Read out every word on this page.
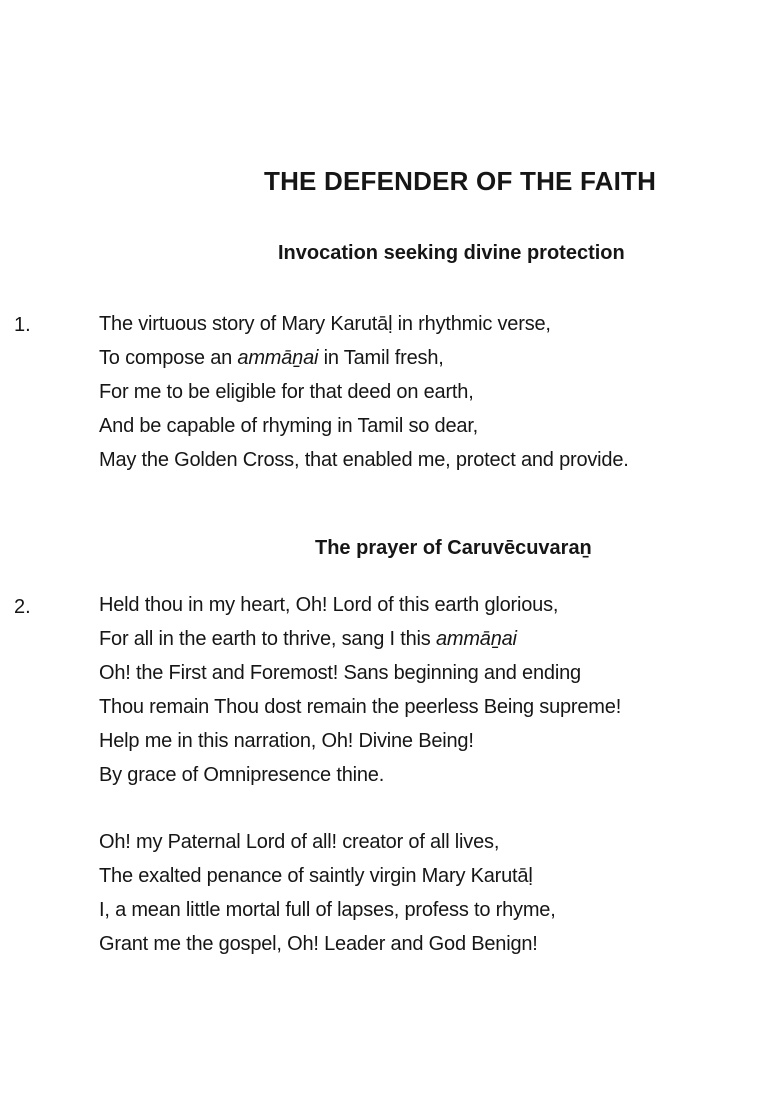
THE DEFENDER OF THE FAITH
Invocation seeking divine protection
1.	The virtuous story of Mary Karutāḷ in rhythmic verse,
To compose an ammāṉai in Tamil fresh,
For me to be eligible for that deed on earth,
And be capable of rhyming in Tamil so dear,
May the Golden Cross, that enabled me, protect and provide.
The prayer of Caruvēcuvaraṉ
2.	Held thou in my heart, Oh! Lord of this earth glorious,
For all in the earth to thrive, sang I this ammāṉai
Oh! the First and Foremost! Sans beginning and ending
Thou remain Thou dost remain the peerless Being supreme!
Help me in this narration, Oh! Divine Being!
By grace of Omnipresence thine.
Oh! my Paternal Lord of all! creator of all lives,
The exalted penance of saintly virgin Mary Karutāḷ
I, a mean little mortal full of lapses, profess to rhyme,
Grant me the gospel, Oh! Leader and God Benign!
